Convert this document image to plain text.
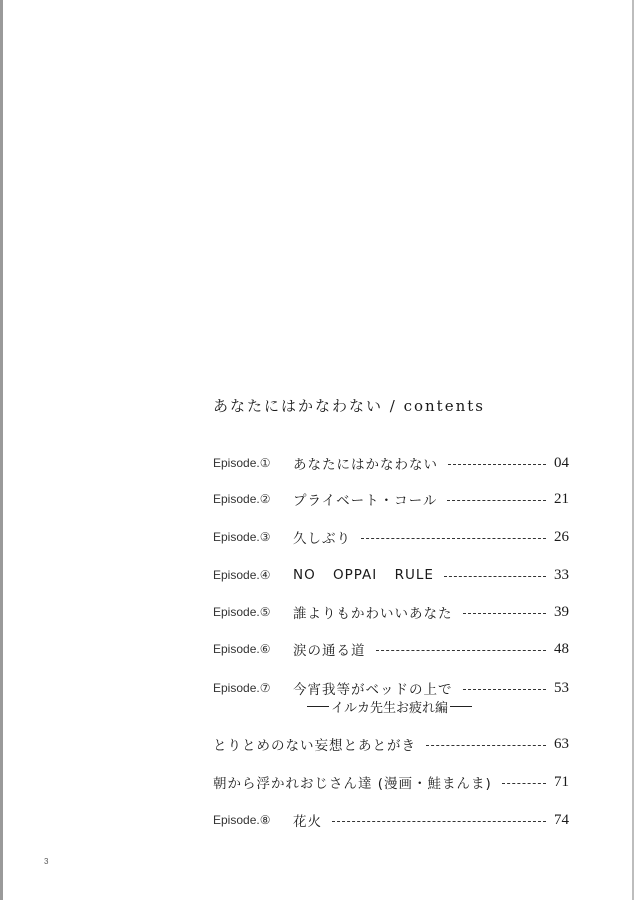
あなたにはかなわない / contents
Episode.①	あなたにはかなわない	04
Episode.②	プライベート・コール	21
Episode.③	久しぶり	26
Episode.④	NO OPPAI RULE	33
Episode.⑤	誰よりもかわいいあなた	39
Episode.⑥	涙の通る道	48
Episode.⑦	今宵我等がベッドの上で	53
イルカ先生お疲れ編
とりとめのない妄想とあとがき	63
朝から浮かれおじさん達 (漫画・鮭まんま)	71
Episode.⑧	花火	74
3
